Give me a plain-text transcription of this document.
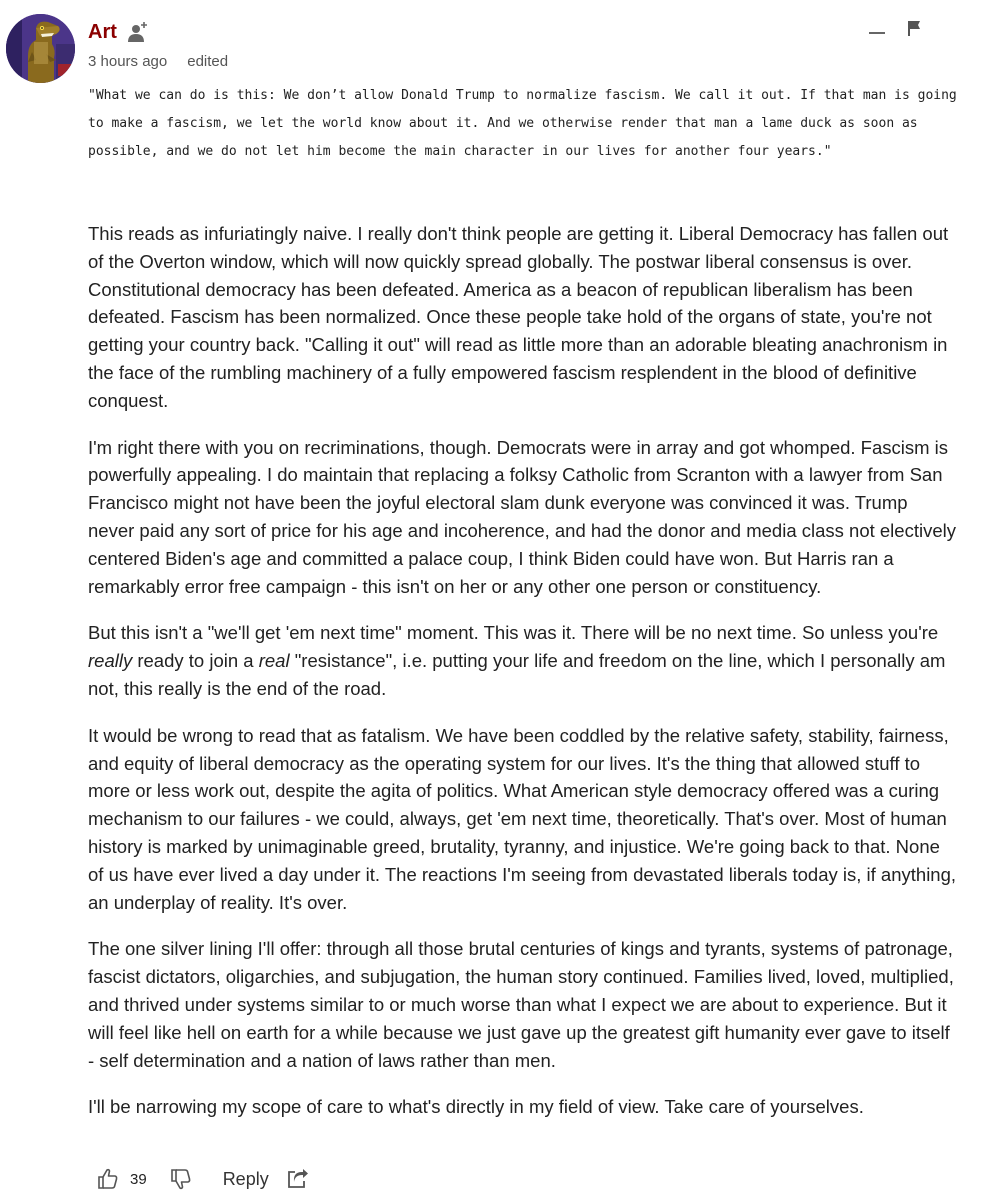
Art
3 hours ago edited

"What we can do is this: We don’t allow Donald Trump to normalize fascism. We call it out. If that man is going to make a fascism, we let the world know about it. And we otherwise render that man a lame duck as soon as possible, and we do not let him become the main character in our lives for another four years."

This reads as infuriatingly naive. I really don't think people are getting it. Liberal Democracy has fallen out of the Overton window, which will now quickly spread globally. The postwar liberal consensus is over. Constitutional democracy has been defeated. America as a beacon of republican liberalism has been defeated. Fascism has been normalized. Once these people take hold of the organs of state, you're not getting your country back. "Calling it out" will read as little more than an adorable bleating anachronism in the face of the rumbling machinery of a fully empowered fascism resplendent in the blood of definitive conquest.

I'm right there with you on recriminations, though. Democrats were in array and got whomped. Fascism is powerfully appealing. I do maintain that replacing a folksy Catholic from Scranton with a lawyer from San Francisco might not have been the joyful electoral slam dunk everyone was convinced it was. Trump never paid any sort of price for his age and incoherence, and had the donor and media class not electively centered Biden's age and committed a palace coup, I think Biden could have won. But Harris ran a remarkably error free campaign - this isn't on her or any other one person or constituency.

But this isn't a "we'll get 'em next time" moment. This was it. There will be no next time. So unless you're really ready to join a real "resistance", i.e. putting your life and freedom on the line, which I personally am not, this really is the end of the road.

It would be wrong to read that as fatalism. We have been coddled by the relative safety, stability, fairness, and equity of liberal democracy as the operating system for our lives. It's the thing that allowed stuff to more or less work out, despite the agita of politics. What American style democracy offered was a curing mechanism to our failures - we could, always, get 'em next time, theoretically. That's over. Most of human history is marked by unimaginable greed, brutality, tyranny, and injustice. We're going back to that. None of us have ever lived a day under it. The reactions I'm seeing from devastated liberals today is, if anything, an underplay of reality. It's over.

The one silver lining I'll offer: through all those brutal centuries of kings and tyrants, systems of patronage, fascist dictators, oligarchies, and subjugation, the human story continued. Families lived, loved, multiplied, and thrived under systems similar to or much worse than what I expect we are about to experience. But it will feel like hell on earth for a while because we just gave up the greatest gift humanity ever gave to itself - self determination and a nation of laws rather than men.

I'll be narrowing my scope of care to what's directly in my field of view. Take care of yourselves.

39	Reply
